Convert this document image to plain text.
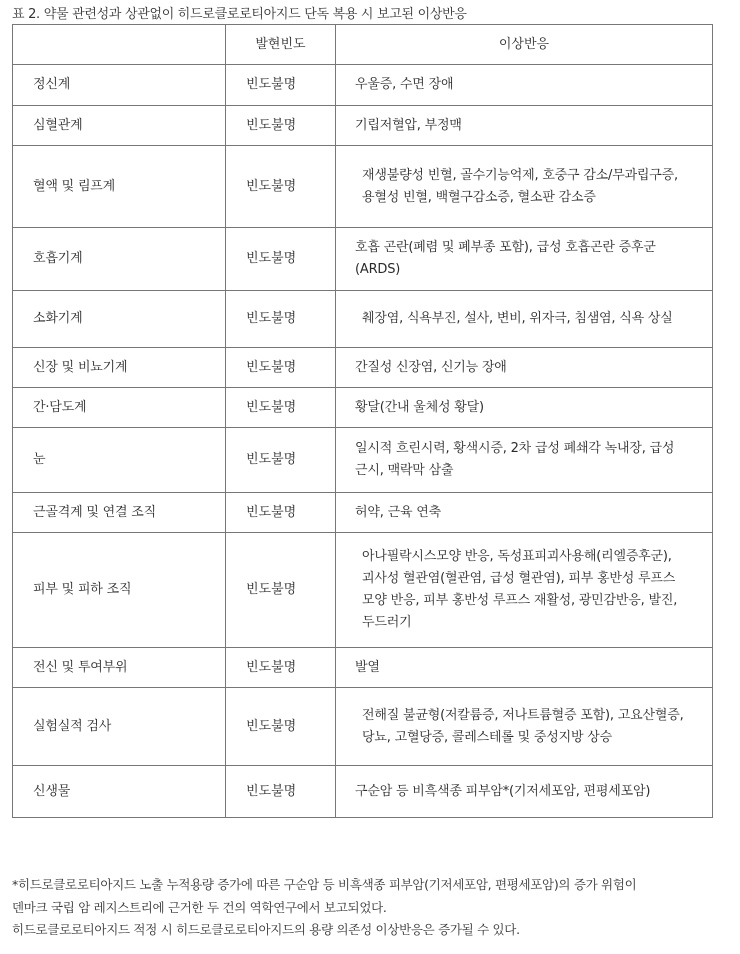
표 2. 약물 관련성과 상관없이 히드로클로로티아지드 단독 복용 시 보고된 이상반응
	발현빈도	이상반응
정신계	빈도불명	우울증, 수면 장애

심혈관계	빈도불명	기립저혈압, 부정맥

혈액 및 림프계	빈도불명	재생불량성 빈혈, 골수기능억제, 호중구 감소/무과립구증,
용혈성 빈혈, 백혈구감소증, 혈소판 감소증

호흡기계	빈도불명	호흡 곤란(폐렴 및 폐부종 포함), 급성 호흡곤란 증후군
(ARDS)

소화기계	빈도불명	췌장염, 식욕부진, 설사, 변비, 위자극, 침샘염, 식욕 상실

신장 및 비뇨기계	빈도불명	간질성 신장염, 신기능 장애

간·담도계	빈도불명	황달(간내 울체성 황달)

눈	빈도불명	일시적 흐린시력, 황색시증, 2차 급성 폐쇄각 녹내장, 급성
근시, 맥락막 삼출

근골격계 및 연결 조직	빈도불명	허약, 근육 연축

피부 및 피하 조직	빈도불명	아나필락시스모양 반응, 독성표피괴사용해(리엘증후군),
괴사성 혈관염(혈관염, 급성 혈관염), 피부 홍반성 루프스
모양 반응, 피부 홍반성 루프스 재활성, 광민감반응, 발진,
두드러기

전신 및 투여부위	빈도불명	발열

실험실적 검사	빈도불명	전해질 불균형(저칼륨증, 저나트륨혈증 포함), 고요산혈증,
당뇨, 고혈당증, 콜레스테롤 및 중성지방 상승

신생물	빈도불명	구순암 등 비흑색종 피부암*(기저세포암, 편평세포암)

*히드로클로로티아지드 노출 누적용량 증가에 따른 구순암 등 비흑색종 피부암(기저세포암, 편평세포암)의 증가 위험이

덴마크 국립 암 레지스트리에 근거한 두 건의 역학연구에서 보고되었다.

히드로클로로티아지드 적정 시 히드로클로로티아지드의 용량 의존성 이상반응은 증가될 수 있다.
